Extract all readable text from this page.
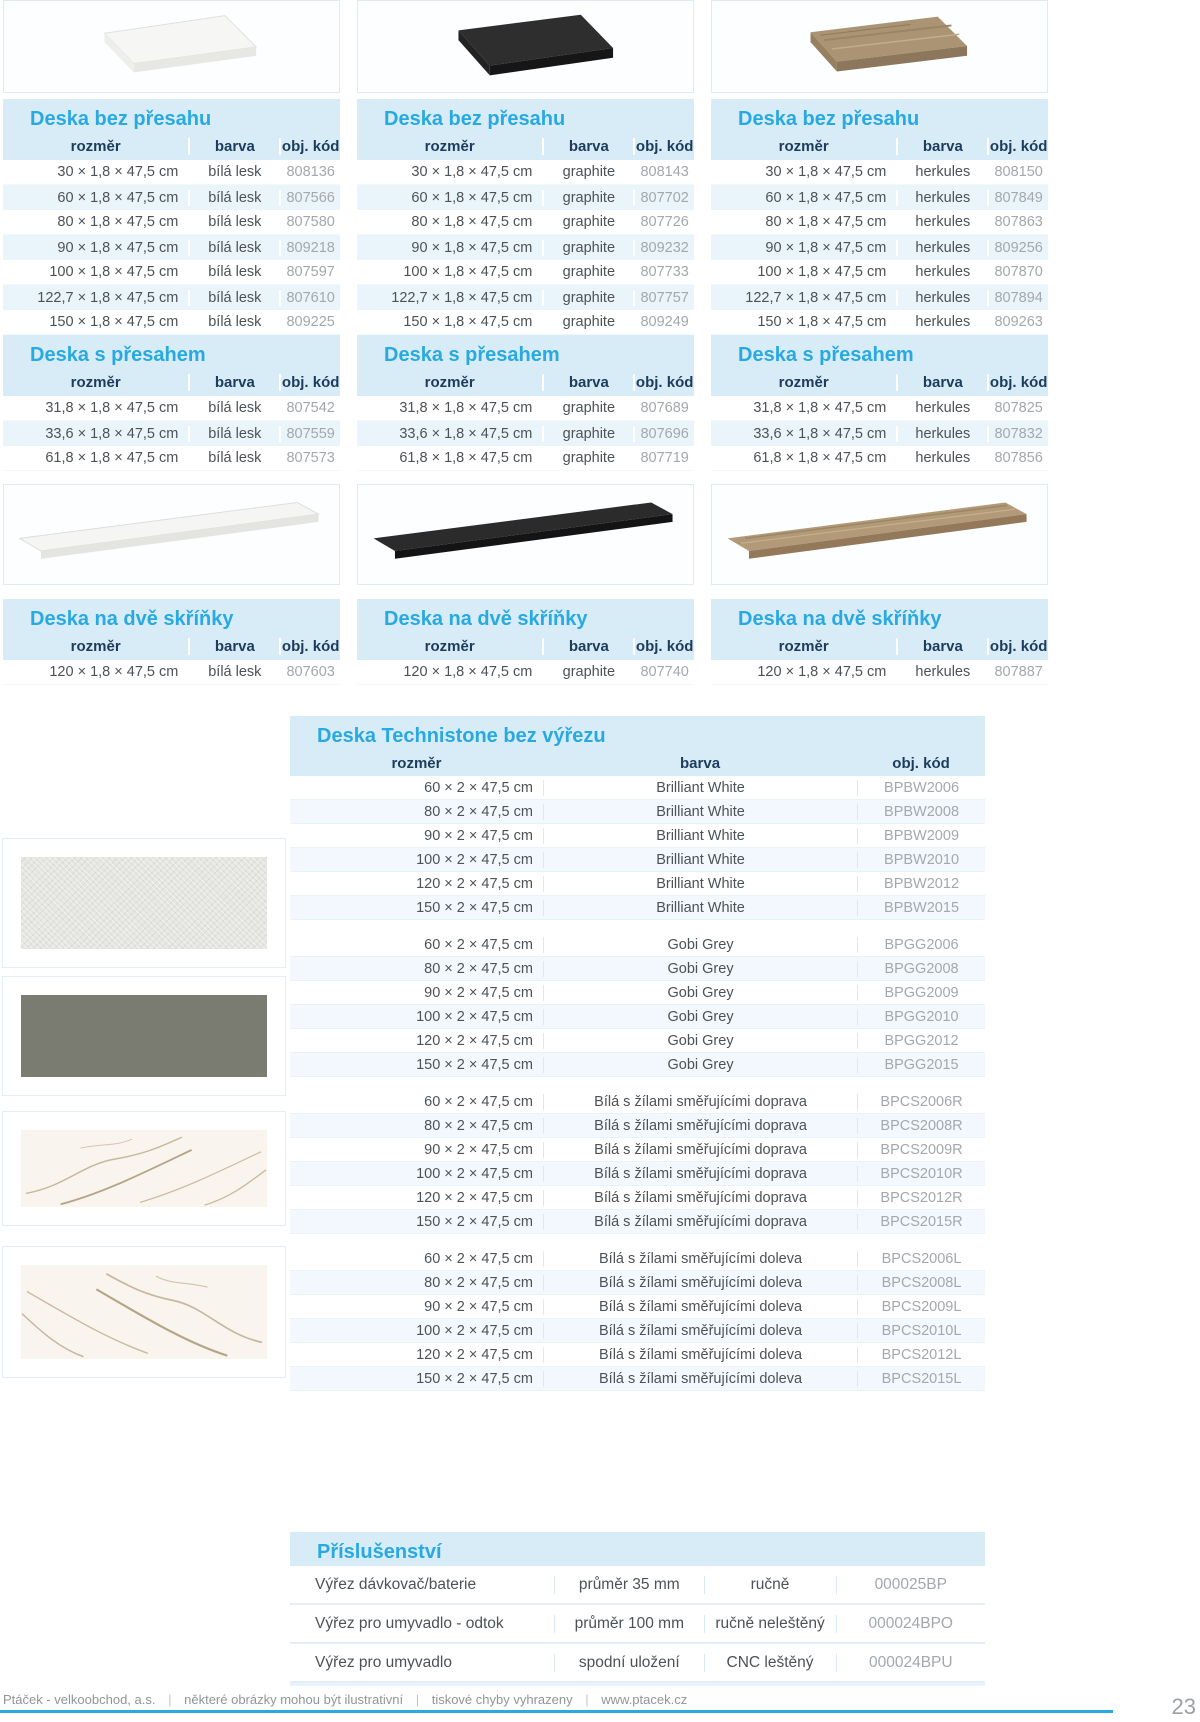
Deska bez přesahu
rozměr	barva	obj. kód
30 × 1,8 × 47,5 cm	bílá lesk	808136
60 × 1,8 × 47,5 cm	bílá lesk	807566
80 × 1,8 × 47,5 cm	bílá lesk	807580
90 × 1,8 × 47,5 cm	bílá lesk	809218
100 × 1,8 × 47,5 cm	bílá lesk	807597
122,7 × 1,8 × 47,5 cm	bílá lesk	807610
150 × 1,8 × 47,5 cm	bílá lesk	809225
Deska s přesahem
rozměr	barva	obj. kód
31,8 × 1,8 × 47,5 cm	bílá lesk	807542
33,6 × 1,8 × 47,5 cm	bílá lesk	807559
61,8 × 1,8 × 47,5 cm	bílá lesk	807573
Deska na dvě skříňky
rozměr	barva	obj. kód
120 × 1,8 × 47,5 cm	bílá lesk	807603
Deska bez přesahu
rozměr	barva	obj. kód
30 × 1,8 × 47,5 cm	graphite	808143
60 × 1,8 × 47,5 cm	graphite	807702
80 × 1,8 × 47,5 cm	graphite	807726
90 × 1,8 × 47,5 cm	graphite	809232
100 × 1,8 × 47,5 cm	graphite	807733
122,7 × 1,8 × 47,5 cm	graphite	807757
150 × 1,8 × 47,5 cm	graphite	809249
Deska s přesahem
rozměr	barva	obj. kód
31,8 × 1,8 × 47,5 cm	graphite	807689
33,6 × 1,8 × 47,5 cm	graphite	807696
61,8 × 1,8 × 47,5 cm	graphite	807719
Deska na dvě skříňky
rozměr	barva	obj. kód
120 × 1,8 × 47,5 cm	graphite	807740
Deska bez přesahu
rozměr	barva	obj. kód
30 × 1,8 × 47,5 cm	herkules	808150
60 × 1,8 × 47,5 cm	herkules	807849
80 × 1,8 × 47,5 cm	herkules	807863
90 × 1,8 × 47,5 cm	herkules	809256
100 × 1,8 × 47,5 cm	herkules	807870
122,7 × 1,8 × 47,5 cm	herkules	807894
150 × 1,8 × 47,5 cm	herkules	809263
Deska s přesahem
rozměr	barva	obj. kód
31,8 × 1,8 × 47,5 cm	herkules	807825
33,6 × 1,8 × 47,5 cm	herkules	807832
61,8 × 1,8 × 47,5 cm	herkules	807856
Deska na dvě skříňky
rozměr	barva	obj. kód
120 × 1,8 × 47,5 cm	herkules	807887
Deska Technistone bez výřezu
rozměr	barva	obj. kód
60 × 2 × 47,5 cm	Brilliant White	BPBW2006
80 × 2 × 47,5 cm	Brilliant White	BPBW2008
90 × 2 × 47,5 cm	Brilliant White	BPBW2009
100 × 2 × 47,5 cm	Brilliant White	BPBW2010
120 × 2 × 47,5 cm	Brilliant White	BPBW2012
150 × 2 × 47,5 cm	Brilliant White	BPBW2015
60 × 2 × 47,5 cm	Gobi Grey	BPGG2006
80 × 2 × 47,5 cm	Gobi Grey	BPGG2008
90 × 2 × 47,5 cm	Gobi Grey	BPGG2009
100 × 2 × 47,5 cm	Gobi Grey	BPGG2010
120 × 2 × 47,5 cm	Gobi Grey	BPGG2012
150 × 2 × 47,5 cm	Gobi Grey	BPGG2015
60 × 2 × 47,5 cm	Bílá s žílami směřujícími doprava	BPCS2006R
80 × 2 × 47,5 cm	Bílá s žílami směřujícími doprava	BPCS2008R
90 × 2 × 47,5 cm	Bílá s žílami směřujícími doprava	BPCS2009R
100 × 2 × 47,5 cm	Bílá s žílami směřujícími doprava	BPCS2010R
120 × 2 × 47,5 cm	Bílá s žílami směřujícími doprava	BPCS2012R
150 × 2 × 47,5 cm	Bílá s žílami směřujícími doprava	BPCS2015R
60 × 2 × 47,5 cm	Bílá s žílami směřujícími doleva	BPCS2006L
80 × 2 × 47,5 cm	Bílá s žílami směřujícími doleva	BPCS2008L
90 × 2 × 47,5 cm	Bílá s žílami směřujícími doleva	BPCS2009L
100 × 2 × 47,5 cm	Bílá s žílami směřujícími doleva	BPCS2010L
120 × 2 × 47,5 cm	Bílá s žílami směřujícími doleva	BPCS2012L
150 × 2 × 47,5 cm	Bílá s žílami směřujícími doleva	BPCS2015L
Příslušenství
Výřez dávkovač/baterie	průměr 35 mm	ručně	000025BP
Výřez pro umyvadlo - odtok	průměr 100 mm	ručně neleštěný	000024BPO
Výřez pro umyvadlo	spodní uložení	CNC leštěný	000024BPU
Ptáček - velkoobchod, a.s. | některé obrázky mohou být ilustrativní | tiskové chyby vyhrazeny | www.ptacek.cz	23
